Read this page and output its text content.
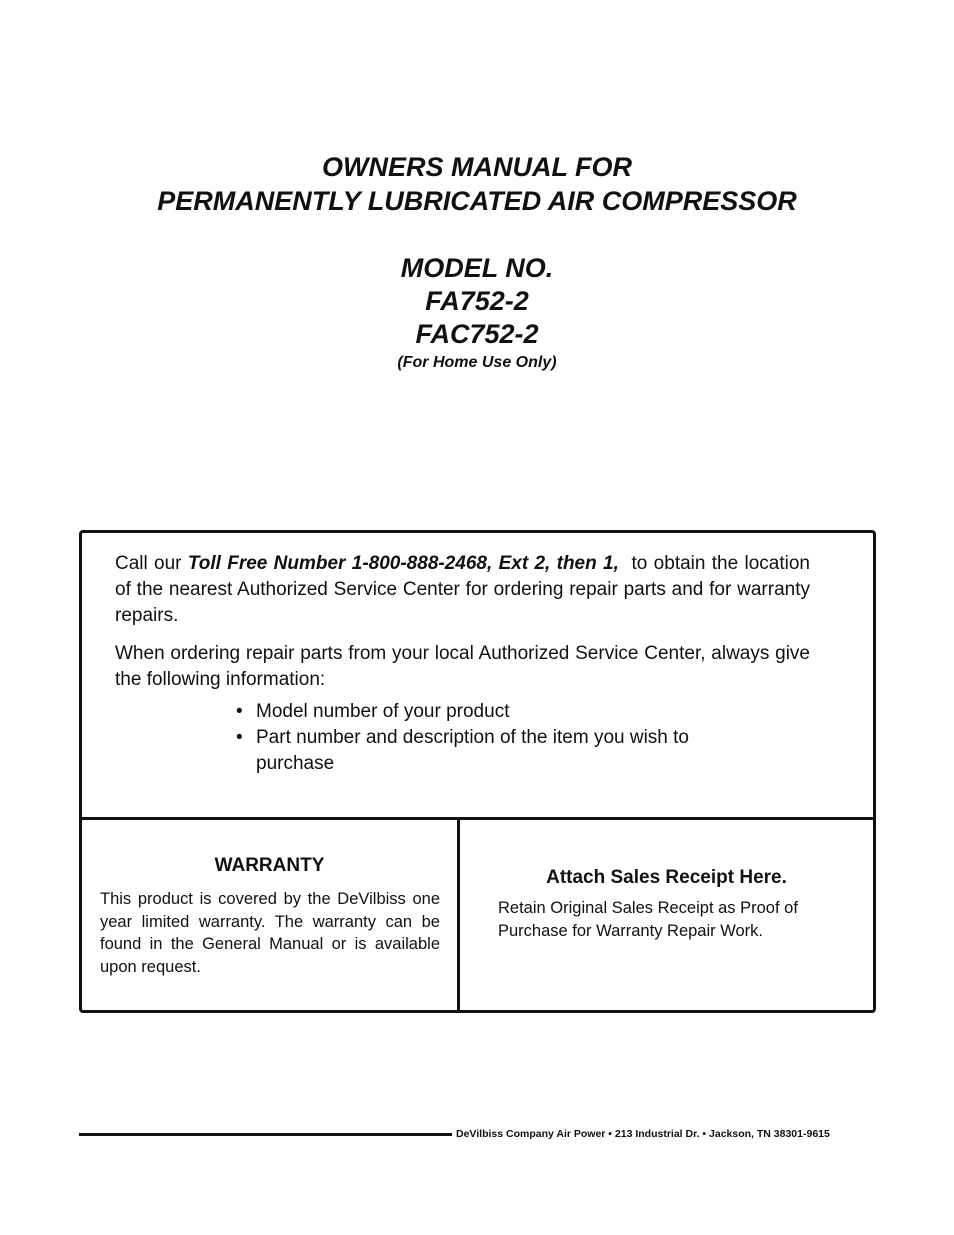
OWNERS MANUAL FOR
PERMANENTLY LUBRICATED AIR COMPRESSOR
MODEL NO.
FA752-2
FAC752-2
(For Home Use Only)

Call our Toll Free Number 1-800-888-2468, Ext 2, then 1,  to obtain the location of the nearest Authorized Service Center for ordering repair parts and for warranty repairs.

When ordering repair parts from your local Authorized Service Center, always give the following information:

• Model number of your product
• Part number and description of the item you wish to purchase
WARRANTY
This product is covered by the DeVilbiss one year limited warranty. The warranty can be found in the General Manual or is available upon request.
Attach Sales Receipt Here.
Retain Original Sales Receipt as Proof of Purchase for Warranty Repair Work.
DeVilbiss Company Air Power • 213 Industrial Dr. • Jackson, TN 38301-9615
